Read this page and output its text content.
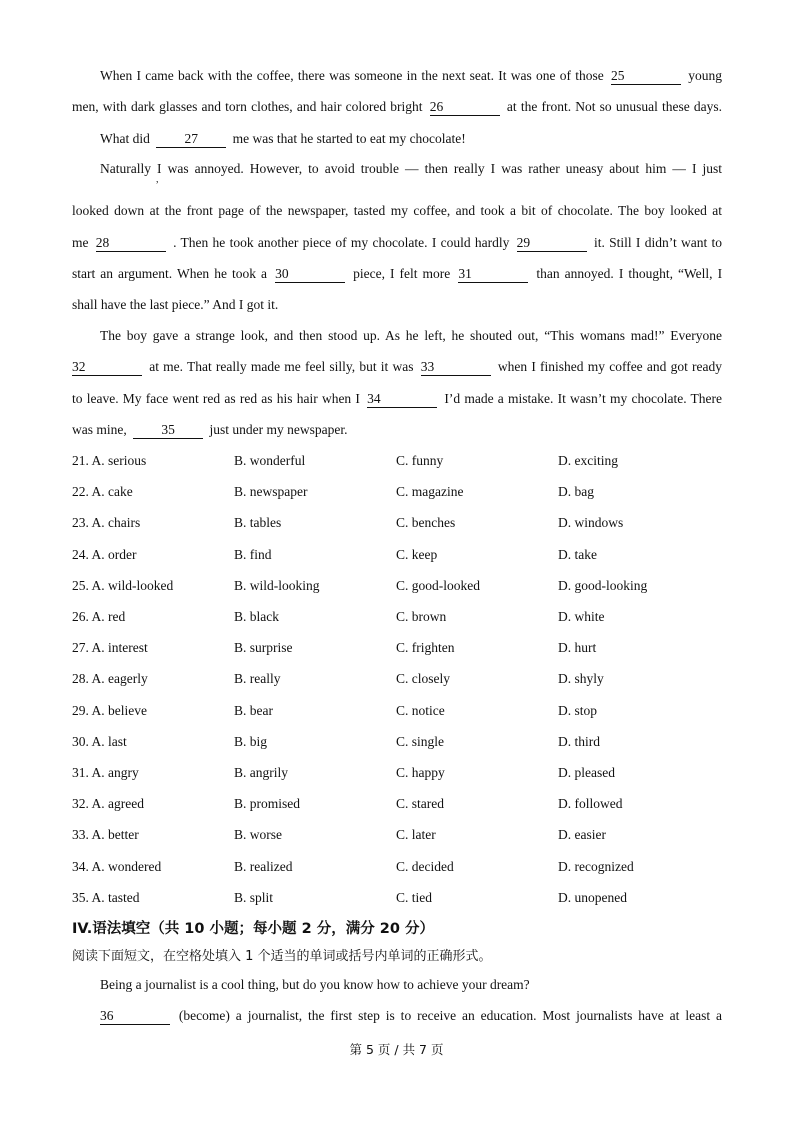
When I came back with the coffee, there was someone in the next seat. It was one of those 25	young
men, with dark glasses and torn clothes, and hair colored bright 26	at the front. Not so unusual these days.
What did	27	me was that he started to eat my chocolate!
Naturally I was annoyed. However, to avoid trouble — then really I was rather uneasy about him — I just
,
looked down at the front page of the newspaper, tasted my coffee, and took a bit of chocolate. The boy looked at
me 28	. Then he took another piece of my chocolate. I could hardly 29	it. Still I didn’t want to
start an argument. When he took a 30	piece, I felt more 31	than annoyed. I thought, “Well, I
shall have the last piece.” And I got it.
The boy gave a strange look, and then stood up. As he left, he shouted out, “This womans mad!” Everyone
32	at me. That really made me feel silly, but it was 33	when I finished my coffee and got ready
to leave. My face went red as red as his hair when I 34	I’d made a mistake. It wasn’t my chocolate. There
was mine,	35	just under my newspaper.
21. A. serious	B. wonderful	C. funny	D. exciting
22. A. cake	B. newspaper	C. magazine	D. bag
23. A. chairs	B. tables	C. benches	D. windows
24. A. order	B. find	C. keep	D. take
25. A. wild-looked	B. wild-looking	C. good-looked	D. good-looking
26. A. red	B. black	C. brown	D. white
27. A. interest	B. surprise	C. frighten	D. hurt
28. A. eagerly	B. really	C. closely	D. shyly
29. A. believe	B. bear	C. notice	D. stop
30. A. last	B. big	C. single	D. third
31. A. angry	B. angrily	C. happy	D. pleased
32. A. agreed	B. promised	C. stared	D. followed
33. A. better	B. worse	C. later	D. easier
34. A. wondered	B. realized	C. decided	D. recognized
35. A. tasted	B. split	C. tied	D. unopened
IV.语法填空（共 10 小题；每小题 2 分，满分 20 分）
阅读下面短文，在空格处填入 1 个适当的单词或括号内单词的正确形式。
Being a journalist is a cool thing, but do you know how to achieve your dream?
36	(become) a journalist, the first step is to receive an education. Most journalists have at least a
第 5 页 / 共 7 页
